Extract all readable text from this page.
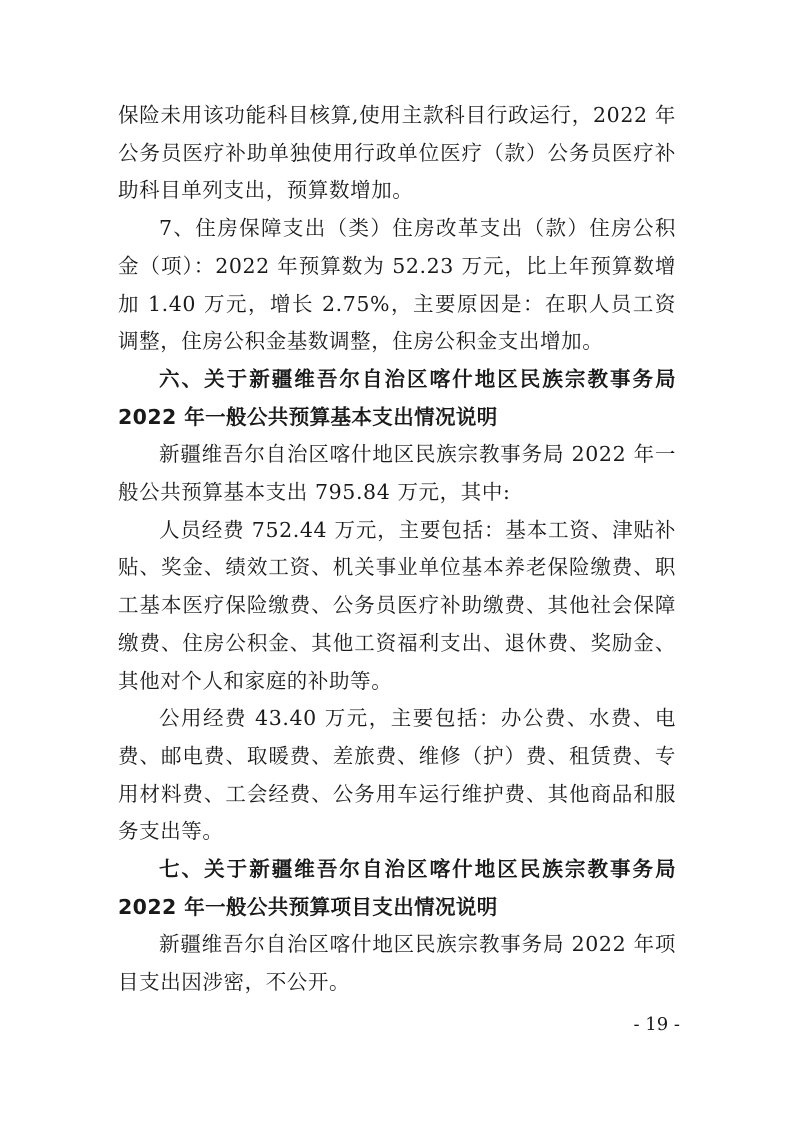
保险未用该功能科目核算,使用主款科目行政运行，2022 年公务员医疗补助单独使用行政单位医疗（款）公务员医疗补助科目单列支出，预算数增加。

7、住房保障支出（类）住房改革支出（款）住房公积金（项）：2022 年预算数为 52.23 万元，比上年预算数增加 1.40 万元，增长 2.75%，主要原因是：在职人员工资调整，住房公积金基数调整，住房公积金支出增加。

六、关于新疆维吾尔自治区喀什地区民族宗教事务局 2022 年一般公共预算基本支出情况说明

新疆维吾尔自治区喀什地区民族宗教事务局 2022 年一般公共预算基本支出 795.84 万元，其中:

人员经费 752.44 万元，主要包括：基本工资、津贴补贴、奖金、绩效工资、机关事业单位基本养老保险缴费、职工基本医疗保险缴费、公务员医疗补助缴费、其他社会保障缴费、住房公积金、其他工资福利支出、退休费、奖励金、其他对个人和家庭的补助等。

公用经费 43.40 万元，主要包括：办公费、水费、电费、邮电费、取暖费、差旅费、维修（护）费、租赁费、专用材料费、工会经费、公务用车运行维护费、其他商品和服务支出等。

七、关于新疆维吾尔自治区喀什地区民族宗教事务局 2022 年一般公共预算项目支出情况说明

新疆维吾尔自治区喀什地区民族宗教事务局 2022 年项目支出因涉密，不公开。

- 19 -
